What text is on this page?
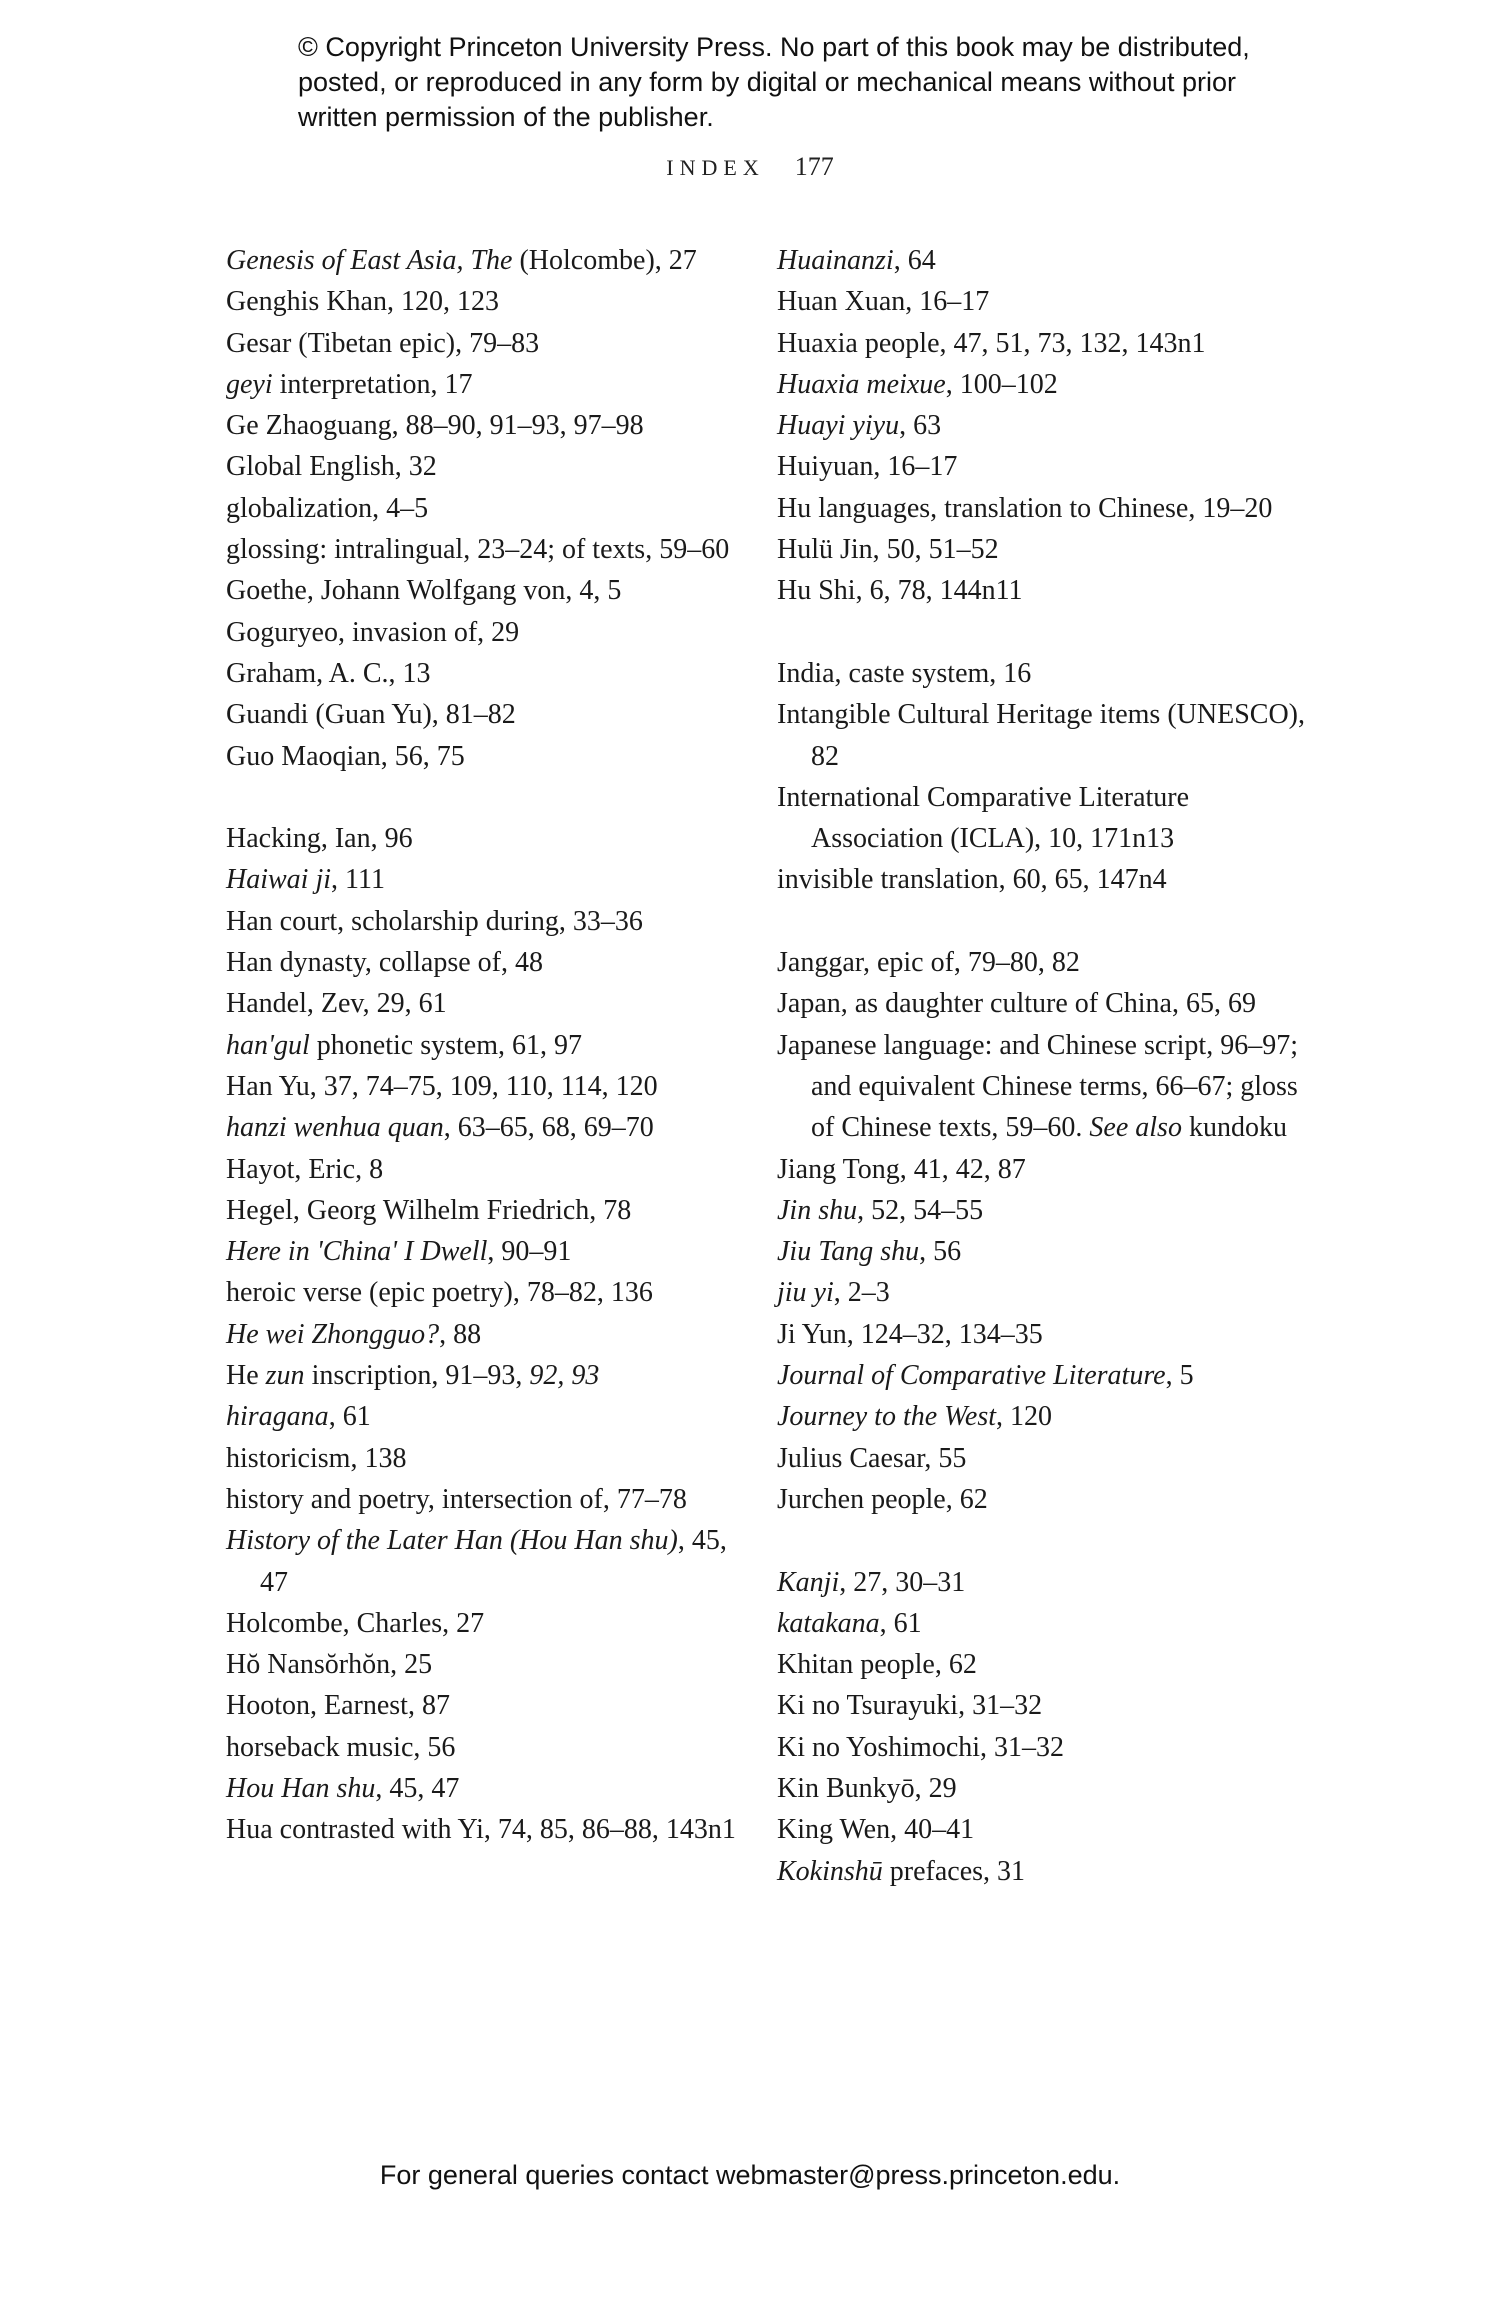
© Copyright Princeton University Press. No part of this book may be distributed, posted, or reproduced in any form by digital or mechanical means without prior written permission of the publisher.
INDEX 177
Genesis of East Asia, The (Holcombe), 27
Genghis Khan, 120, 123
Gesar (Tibetan epic), 79–83
geyi interpretation, 17
Ge Zhaoguang, 88–90, 91–93, 97–98
Global English, 32
globalization, 4–5
glossing: intralingual, 23–24; of texts, 59–60
Goethe, Johann Wolfgang von, 4, 5
Goguryeo, invasion of, 29
Graham, A. C., 13
Guandi (Guan Yu), 81–82
Guo Maoqian, 56, 75
Hacking, Ian, 96
Haiwai ji, 111
Han court, scholarship during, 33–36
Han dynasty, collapse of, 48
Handel, Zev, 29, 61
han'gul phonetic system, 61, 97
Han Yu, 37, 74–75, 109, 110, 114, 120
hanzi wenhua quan, 63–65, 68, 69–70
Hayot, Eric, 8
Hegel, Georg Wilhelm Friedrich, 78
Here in 'China' I Dwell, 90–91
heroic verse (epic poetry), 78–82, 136
He wei Zhongguo?, 88
He zun inscription, 91–93, 92, 93
hiragana, 61
historicism, 138
history and poetry, intersection of, 77–78
History of the Later Han (Hou Han shu), 45, 47
Holcombe, Charles, 27
Hŏ Nansŏrhŏn, 25
Hooton, Earnest, 87
horseback music, 56
Hou Han shu, 45, 47
Hua contrasted with Yi, 74, 85, 86–88, 143n1
Huainanzi, 64
Huan Xuan, 16–17
Huaxia people, 47, 51, 73, 132, 143n1
Huaxia meixue, 100–102
Huayi yiyu, 63
Huiyuan, 16–17
Hu languages, translation to Chinese, 19–20
Hulü Jin, 50, 51–52
Hu Shi, 6, 78, 144n11
India, caste system, 16
Intangible Cultural Heritage items (UNESCO), 82
International Comparative Literature Association (ICLA), 10, 171n13
invisible translation, 60, 65, 147n4
Janggar, epic of, 79–80, 82
Japan, as daughter culture of China, 65, 69
Japanese language: and Chinese script, 96–97; and equivalent Chinese terms, 66–67; gloss of Chinese texts, 59–60. See also kundoku
Jiang Tong, 41, 42, 87
Jin shu, 52, 54–55
Jiu Tang shu, 56
jiu yi, 2–3
Ji Yun, 124–32, 134–35
Journal of Comparative Literature, 5
Journey to the West, 120
Julius Caesar, 55
Jurchen people, 62
Kanji, 27, 30–31
katakana, 61
Khitan people, 62
Ki no Tsurayuki, 31–32
Ki no Yoshimochi, 31–32
Kin Bunkyō, 29
King Wen, 40–41
Kokinshū prefaces, 31
For general queries contact webmaster@press.princeton.edu.
